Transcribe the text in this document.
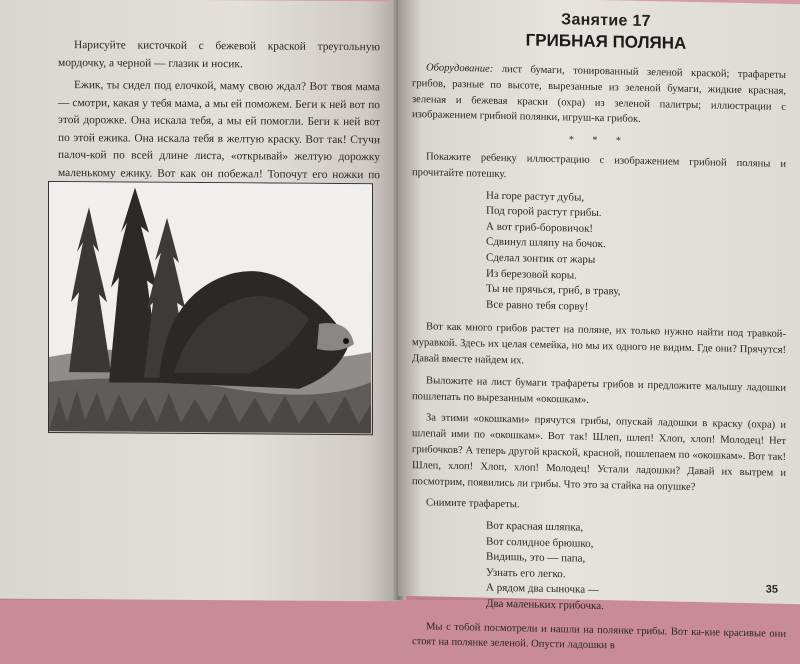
Нарисуйте кисточкой с бежевой краской треугольную мордочку, а черной — глазик и носик.

Ежик, ты сидел под елочкой, маму свою ждал? Вот твоя мама — смотри, какая у тебя мама, а мы ей поможем. Беги к ней вот по этой дорожке. Она искала тебя, а мы ей помогли. Беги к ней вот по этой ежика. Она искала тебя в желтую краску. Вот так! Стучи палоч-кой по всей длине листа, «открывай» желтую дорожку маленькому ежику. Вот как он побежал! Топочут его ножки по

Занятие 17
ГРИБНАЯ ПОЛЯНА

Оборудование: лист бумаги, тонированный зеленой краской; трафареты грибов, разные по высоте, вырезанные из зеленой бумаги, жидкие красная, зеленая и бежевая краски (охра) из зеленой палитры; иллюстрации с изображением грибной полянки, игруш-ка грибок.

* * *

Покажите ребенку иллюстрацию с изображением грибной поляны и прочитайте потешку.

На горе растут дубы,
Под горой растут грибы.
А вот гриб-боровичок!
Сдвинул шляпу на бочок.
Сделал зонтик от жары
Из березовой коры.
Ты не прячься, гриб, в траву,
Все равно тебя сорву!

Вот как много грибов растет на поляне, их только нужно найти под травкой-муравкой. Здесь их целая семейка, но мы их одного не видим. Где они? Прячутся! Давай вместе найдем их.

Выложите на лист бумаги трафареты грибов и предложите малышу ладошки пошлепать по вырезанным «окошкам».

За этими «окошками» прячутся грибы, опускай ладошки в краску (охра) и шлепай ими по «окошкам». Вот так! Шлеп, шлеп! Хлоп, хлоп! Молодец! Нет грибочков? А теперь другой краской, красной, пошлепаем по «окошкам». Вот так! Шлеп, хлоп! Хлоп, хлоп! Молодец! Устали ладошки? Давай их вытрем и посмотрим, появились ли грибы. Что это за стайка на опушке?

Снимите трафареты.

Вот красная шляпка,
Вот солидное брюшко,
Видишь, это — папа,
Узнать его легко.
А рядом два сыночка —
Два маленьких грибочка.

Мы с тобой посмотрели и нашли на полянке грибы. Вот ка-кие красивые они стоят на полянке зеленой. Опусти ладошки в

35
